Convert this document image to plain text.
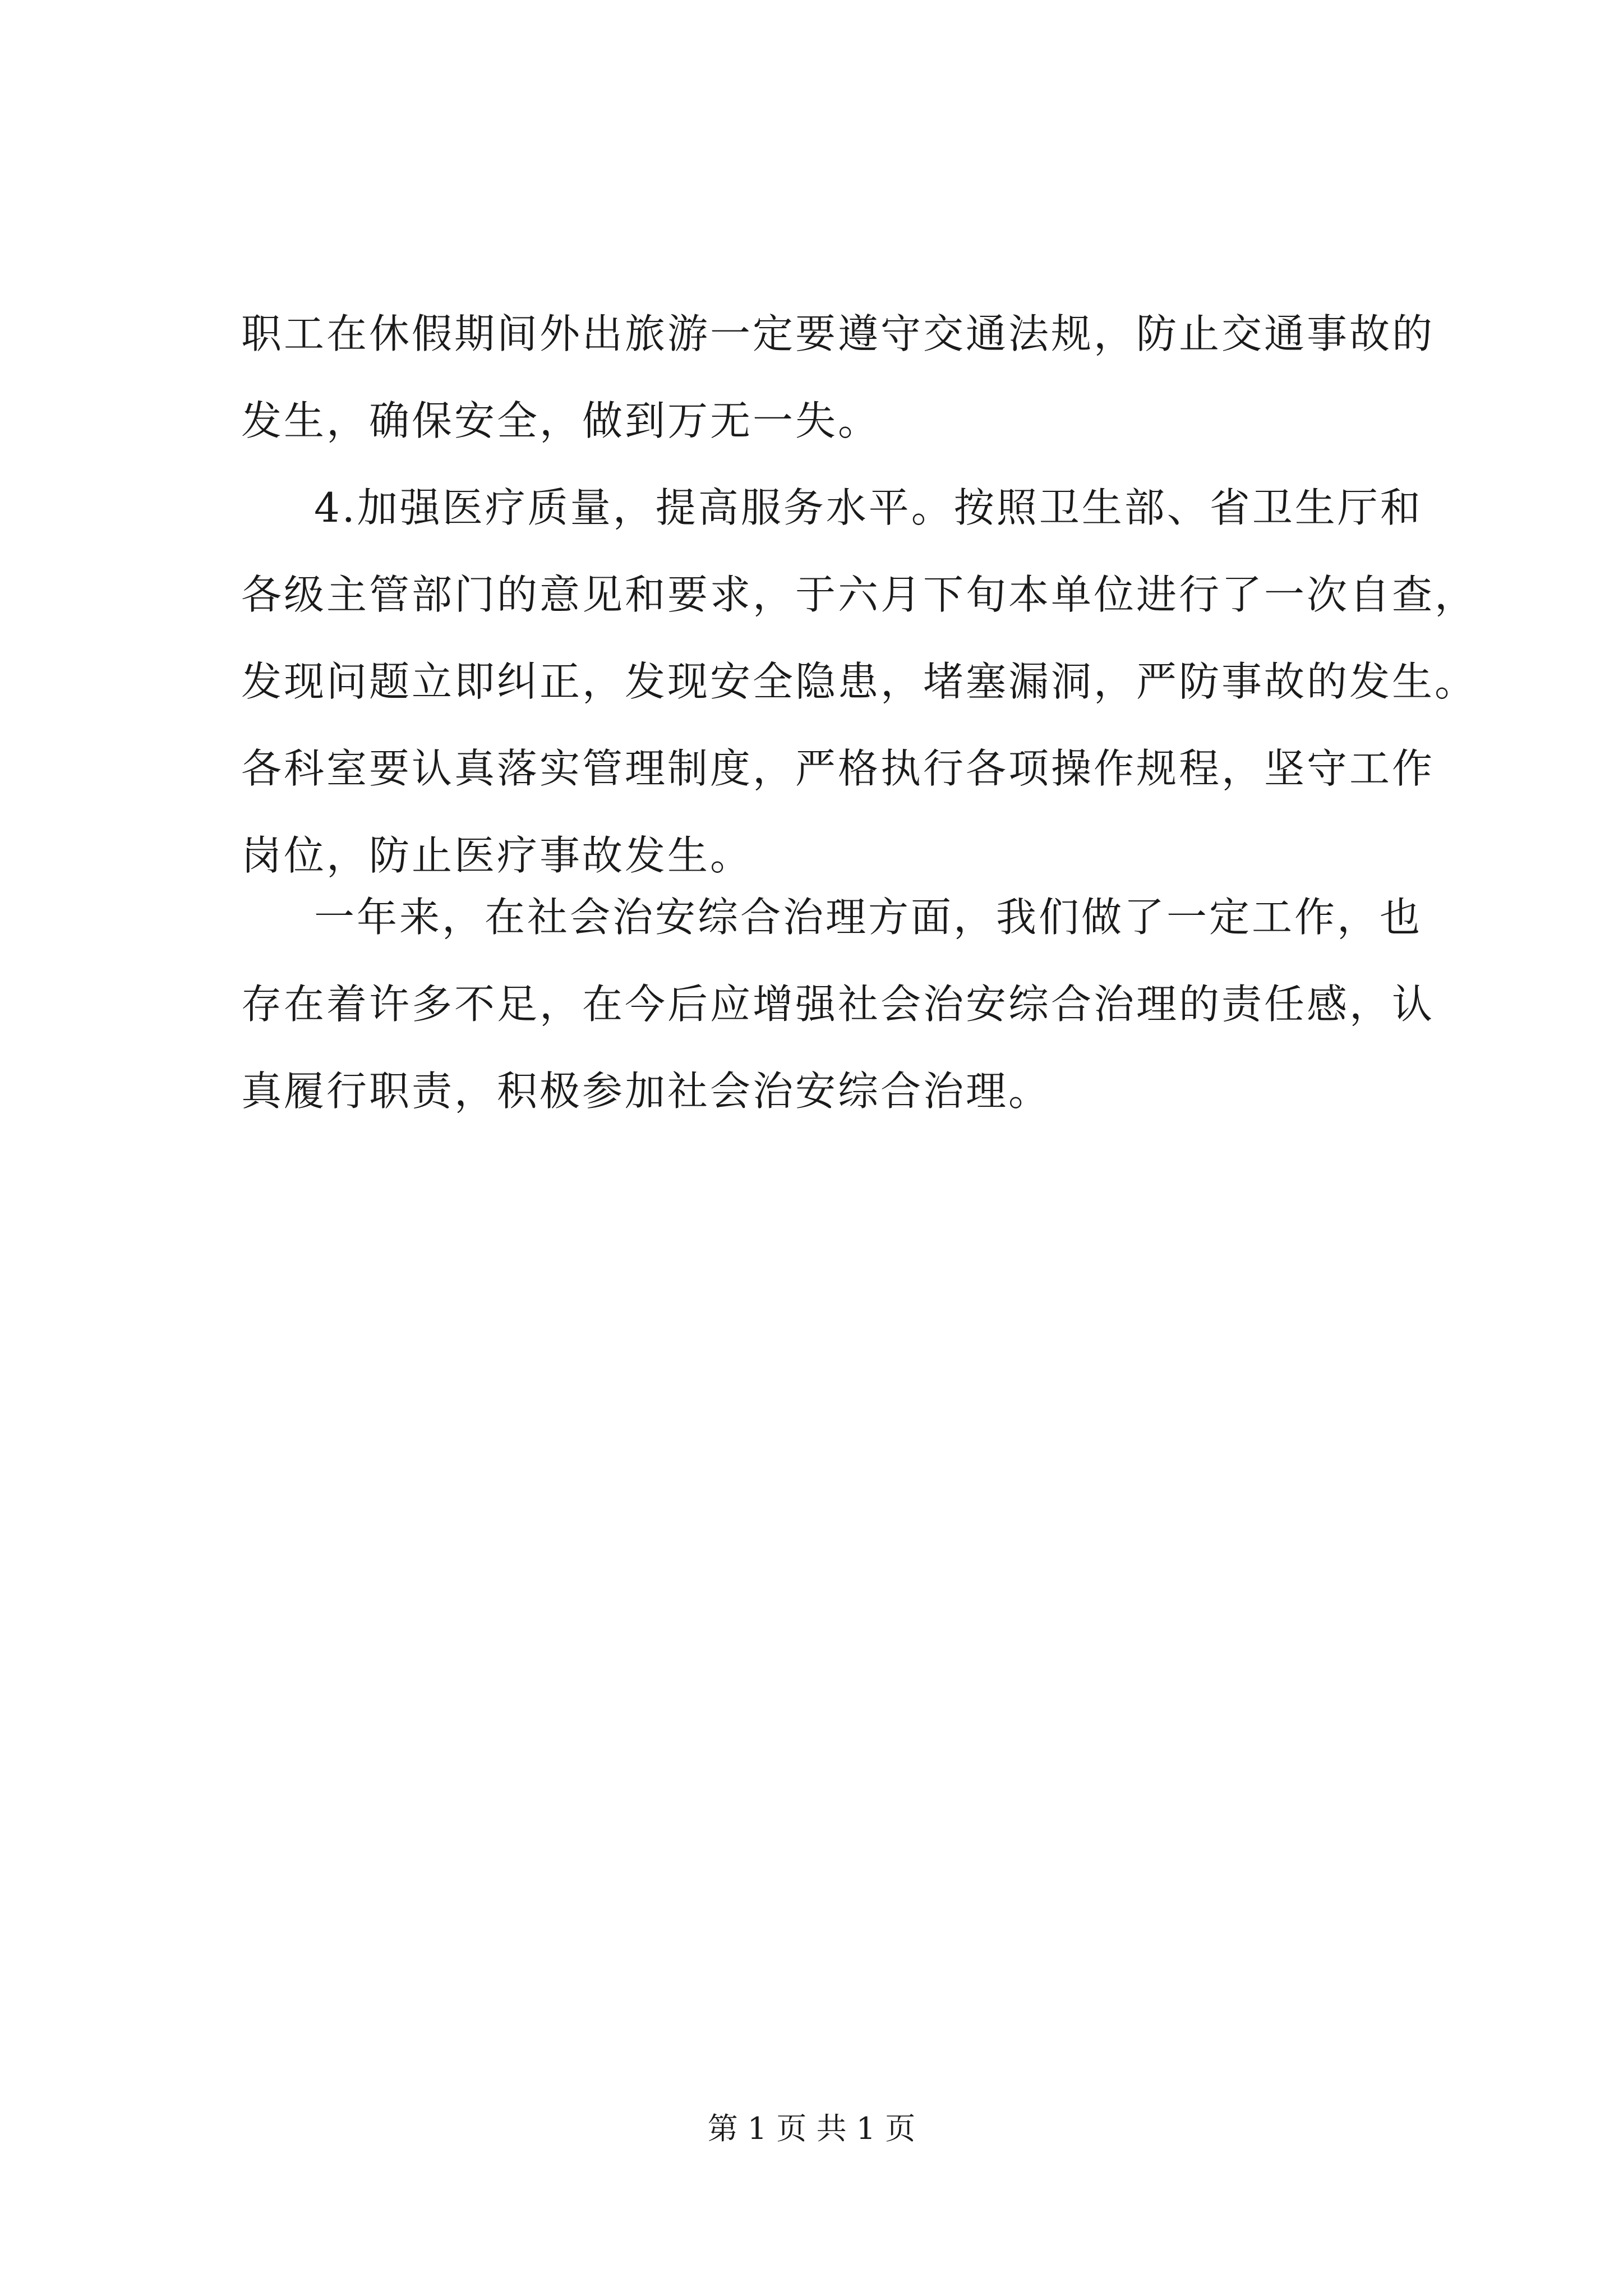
职工在休假期间外出旅游一定要遵守交通法规，防止交通事故的
发生，确保安全，做到万无一失。
4.加强医疗质量，提高服务水平。按照卫生部、省卫生厅和
各级主管部门的意见和要求，于六月下旬本单位进行了一次自查，
发现问题立即纠正，发现安全隐患，堵塞漏洞，严防事故的发生。
各科室要认真落实管理制度，严格执行各项操作规程，坚守工作
岗位，防止医疗事故发生。
一年来，在社会治安综合治理方面，我们做了一定工作，也
存在着许多不足，在今后应增强社会治安综合治理的责任感，认
真履行职责，积极参加社会治安综合治理。
第 1 页 共 1 页
